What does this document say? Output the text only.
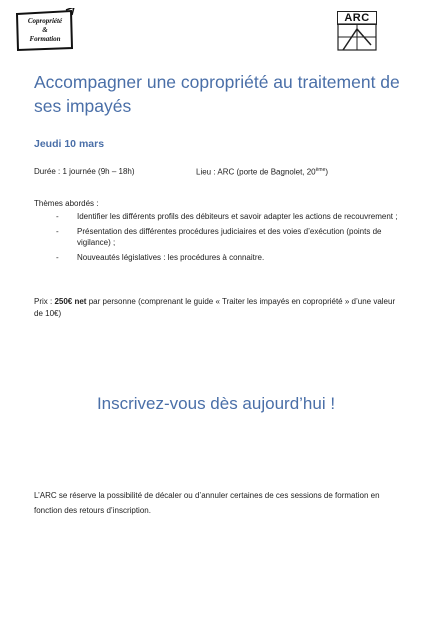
Copropriété
&
Formation
ARC
Accompagner une copropriété au traitement de ses impayés
Jeudi 10 mars
Durée : 1 journée (9h – 18h)	Lieu : ARC (porte de Bagnolet, 20ème)
Thèmes abordés :
- Identifier les différents profils des débiteurs et savoir adapter les actions de recouvrement ;
- Présentation des différentes procédures judiciaires et des voies d’exécution (points de vigilance) ;
- Nouveautés législatives : les procédures à connaitre.
Prix : 250€ net par personne (comprenant le guide « Traiter les impayés en copropriété » d’une valeur de 10€)
Inscrivez-vous dès aujourd’hui !
L’ARC se réserve la possibilité de décaler ou d’annuler certaines de ces sessions de formation en fonction des retours d’inscription.
